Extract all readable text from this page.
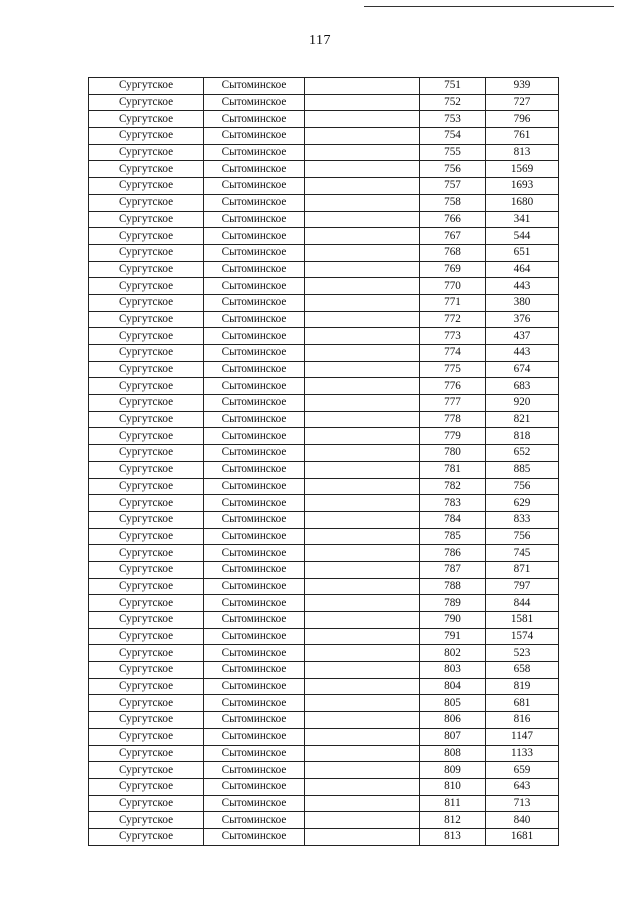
117
Сургутское	Сытоминское		751	939
Сургутское	Сытоминское		752	727
Сургутское	Сытоминское		753	796
Сургутское	Сытоминское		754	761
Сургутское	Сытоминское		755	813
Сургутское	Сытоминское		756	1569
Сургутское	Сытоминское		757	1693
Сургутское	Сытоминское		758	1680
Сургутское	Сытоминское		766	341
Сургутское	Сытоминское		767	544
Сургутское	Сытоминское		768	651
Сургутское	Сытоминское		769	464
Сургутское	Сытоминское		770	443
Сургутское	Сытоминское		771	380
Сургутское	Сытоминское		772	376
Сургутское	Сытоминское		773	437
Сургутское	Сытоминское		774	443
Сургутское	Сытоминское		775	674
Сургутское	Сытоминское		776	683
Сургутское	Сытоминское		777	920
Сургутское	Сытоминское		778	821
Сургутское	Сытоминское		779	818
Сургутское	Сытоминское		780	652
Сургутское	Сытоминское		781	885
Сургутское	Сытоминское		782	756
Сургутское	Сытоминское		783	629
Сургутское	Сытоминское		784	833
Сургутское	Сытоминское		785	756
Сургутское	Сытоминское		786	745
Сургутское	Сытоминское		787	871
Сургутское	Сытоминское		788	797
Сургутское	Сытоминское		789	844
Сургутское	Сытоминское		790	1581
Сургутское	Сытоминское		791	1574
Сургутское	Сытоминское		802	523
Сургутское	Сытоминское		803	658
Сургутское	Сытоминское		804	819
Сургутское	Сытоминское		805	681
Сургутское	Сытоминское		806	816
Сургутское	Сытоминское		807	1147
Сургутское	Сытоминское		808	1133
Сургутское	Сытоминское		809	659
Сургутское	Сытоминское		810	643
Сургутское	Сытоминское		811	713
Сургутское	Сытоминское		812	840
Сургутское	Сытоминское		813	1681
